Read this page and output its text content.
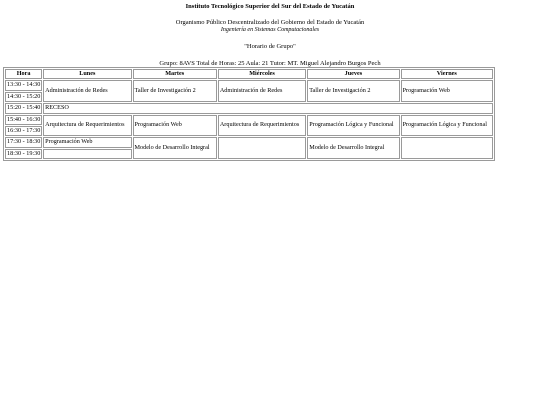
Instituto Tecnológico Superior del Sur del Estado de Yucatán
Organismo Público Descentralizado del Gobierno del Estado de Yucatán
Ingeniería en Sistemas Computacionales
"Horario de Grupo"
Grupo: 8AVS Total de Horas: 25 Aula: 21 Tutor: MT. Miguel Alejandro Burgos Pech
Hora	Lunes	Martes	Miércoles	Jueves	Viernes
13:30 - 14:30	Administración de Redes	Taller de Investigación 2	Administración de Redes	Taller de Investigación 2	Programación Web
14:30 - 15:20					
15:20 - 15:40	RECESO				
15:40 - 16:30	Arquitectura de Requerimientos	Programación Web	Arquitectura de Requerimientos	Programación Lógica y Funcional	Programación Lógica y Funcional
16:30 - 17:30					
17:30 - 18:30	Programación Web	Modelo de Desarrollo Integral		Modelo de Desarrollo Integral	
18:30 - 19:30					
